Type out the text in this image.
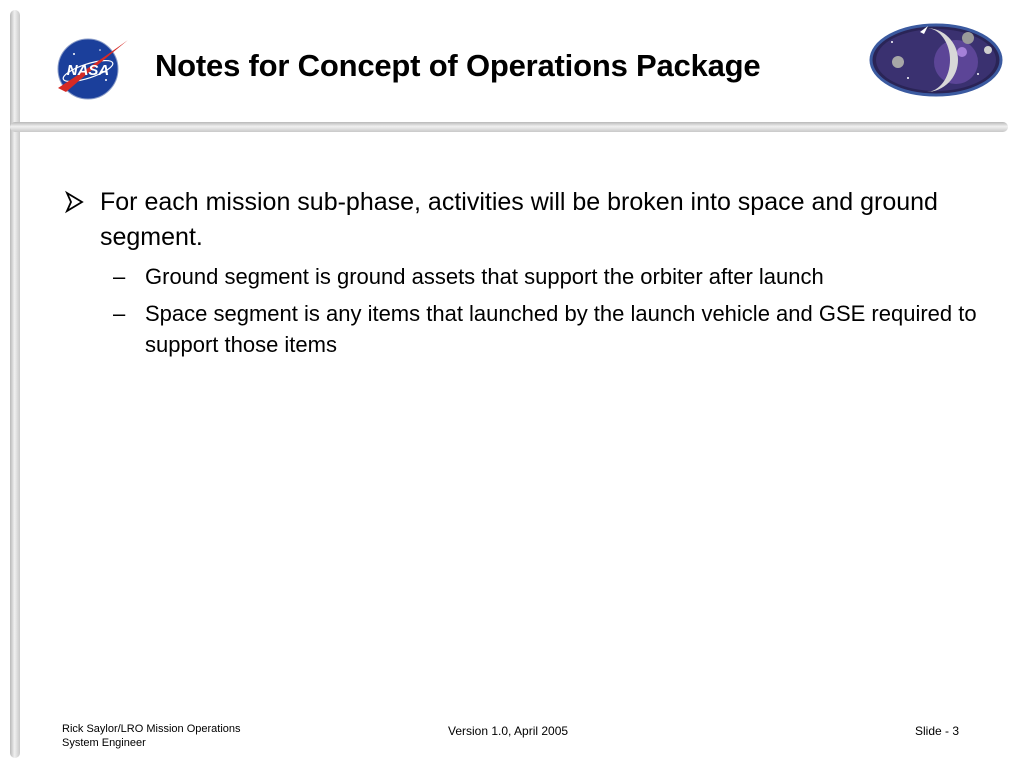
NASA Notes for Concept of Operations Package
For each mission sub-phase, activities will be broken into space and ground segment.
– Ground segment is ground assets that support the orbiter after launch
– Space segment is any items that launched by the launch vehicle and GSE required to support those items
Rick Saylor/LRO Mission Operations
System Engineer
Version 1.0, April 2005	Slide - 3
